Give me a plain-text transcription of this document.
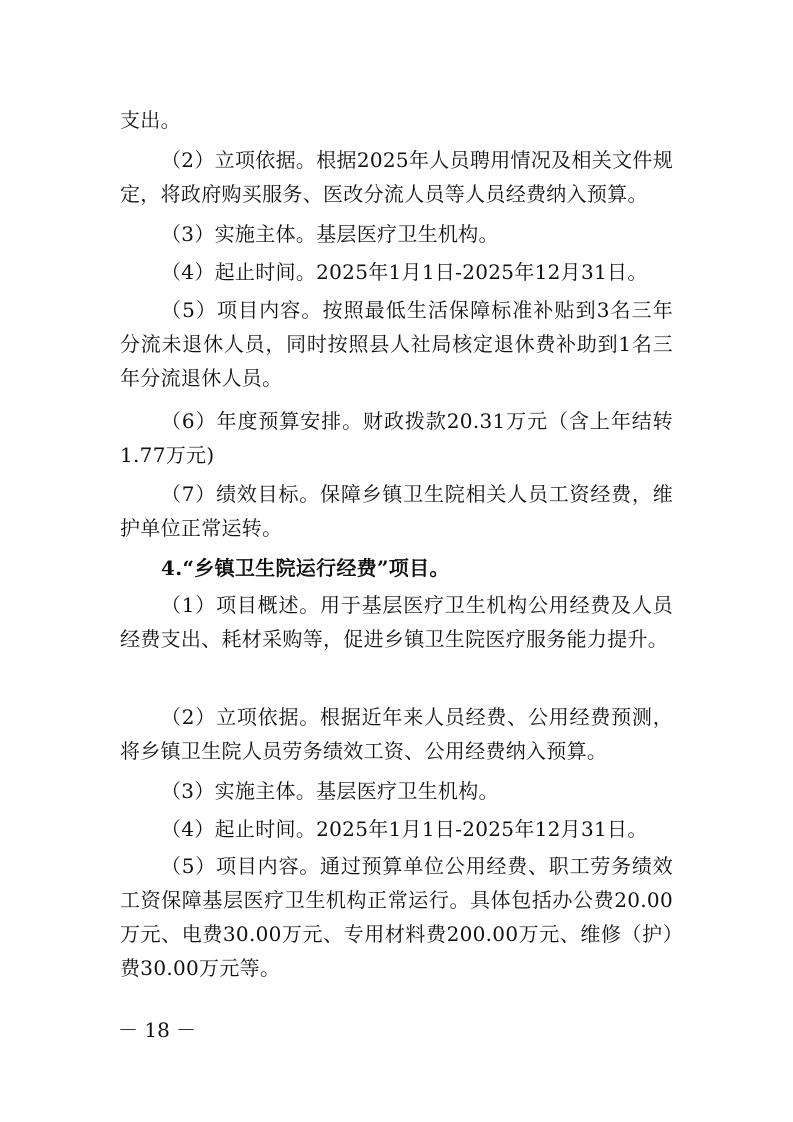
支出。

（2）立项依据。根据2025年人员聘用情况及相关文件规定，将政府购买服务、医改分流人员等人员经费纳入预算。

（3）实施主体。基层医疗卫生机构。

（4）起止时间。2025年1月1日-2025年12月31日。

（5）项目内容。按照最低生活保障标准补贴到3名三年分流未退休人员，同时按照县人社局核定退休费补助到1名三年分流退休人员。

（6）年度预算安排。财政拨款20.31万元（含上年结转1.77万元)

（7）绩效目标。保障乡镇卫生院相关人员工资经费，维护单位正常运转。

4.“乡镇卫生院运行经费”项目。

（1）项目概述。用于基层医疗卫生机构公用经费及人员经费支出、耗材采购等，促进乡镇卫生院医疗服务能力提升。

（2）立项依据。根据近年来人员经费、公用经费预测，将乡镇卫生院人员劳务绩效工资、公用经费纳入预算。

（3）实施主体。基层医疗卫生机构。

（4）起止时间。2025年1月1日-2025年12月31日。

（5）项目内容。通过预算单位公用经费、职工劳务绩效工资保障基层医疗卫生机构正常运行。具体包括办公费20.00万元、电费30.00万元、专用材料费200.00万元、维修（护）费30.00万元等。

－ 18 －
